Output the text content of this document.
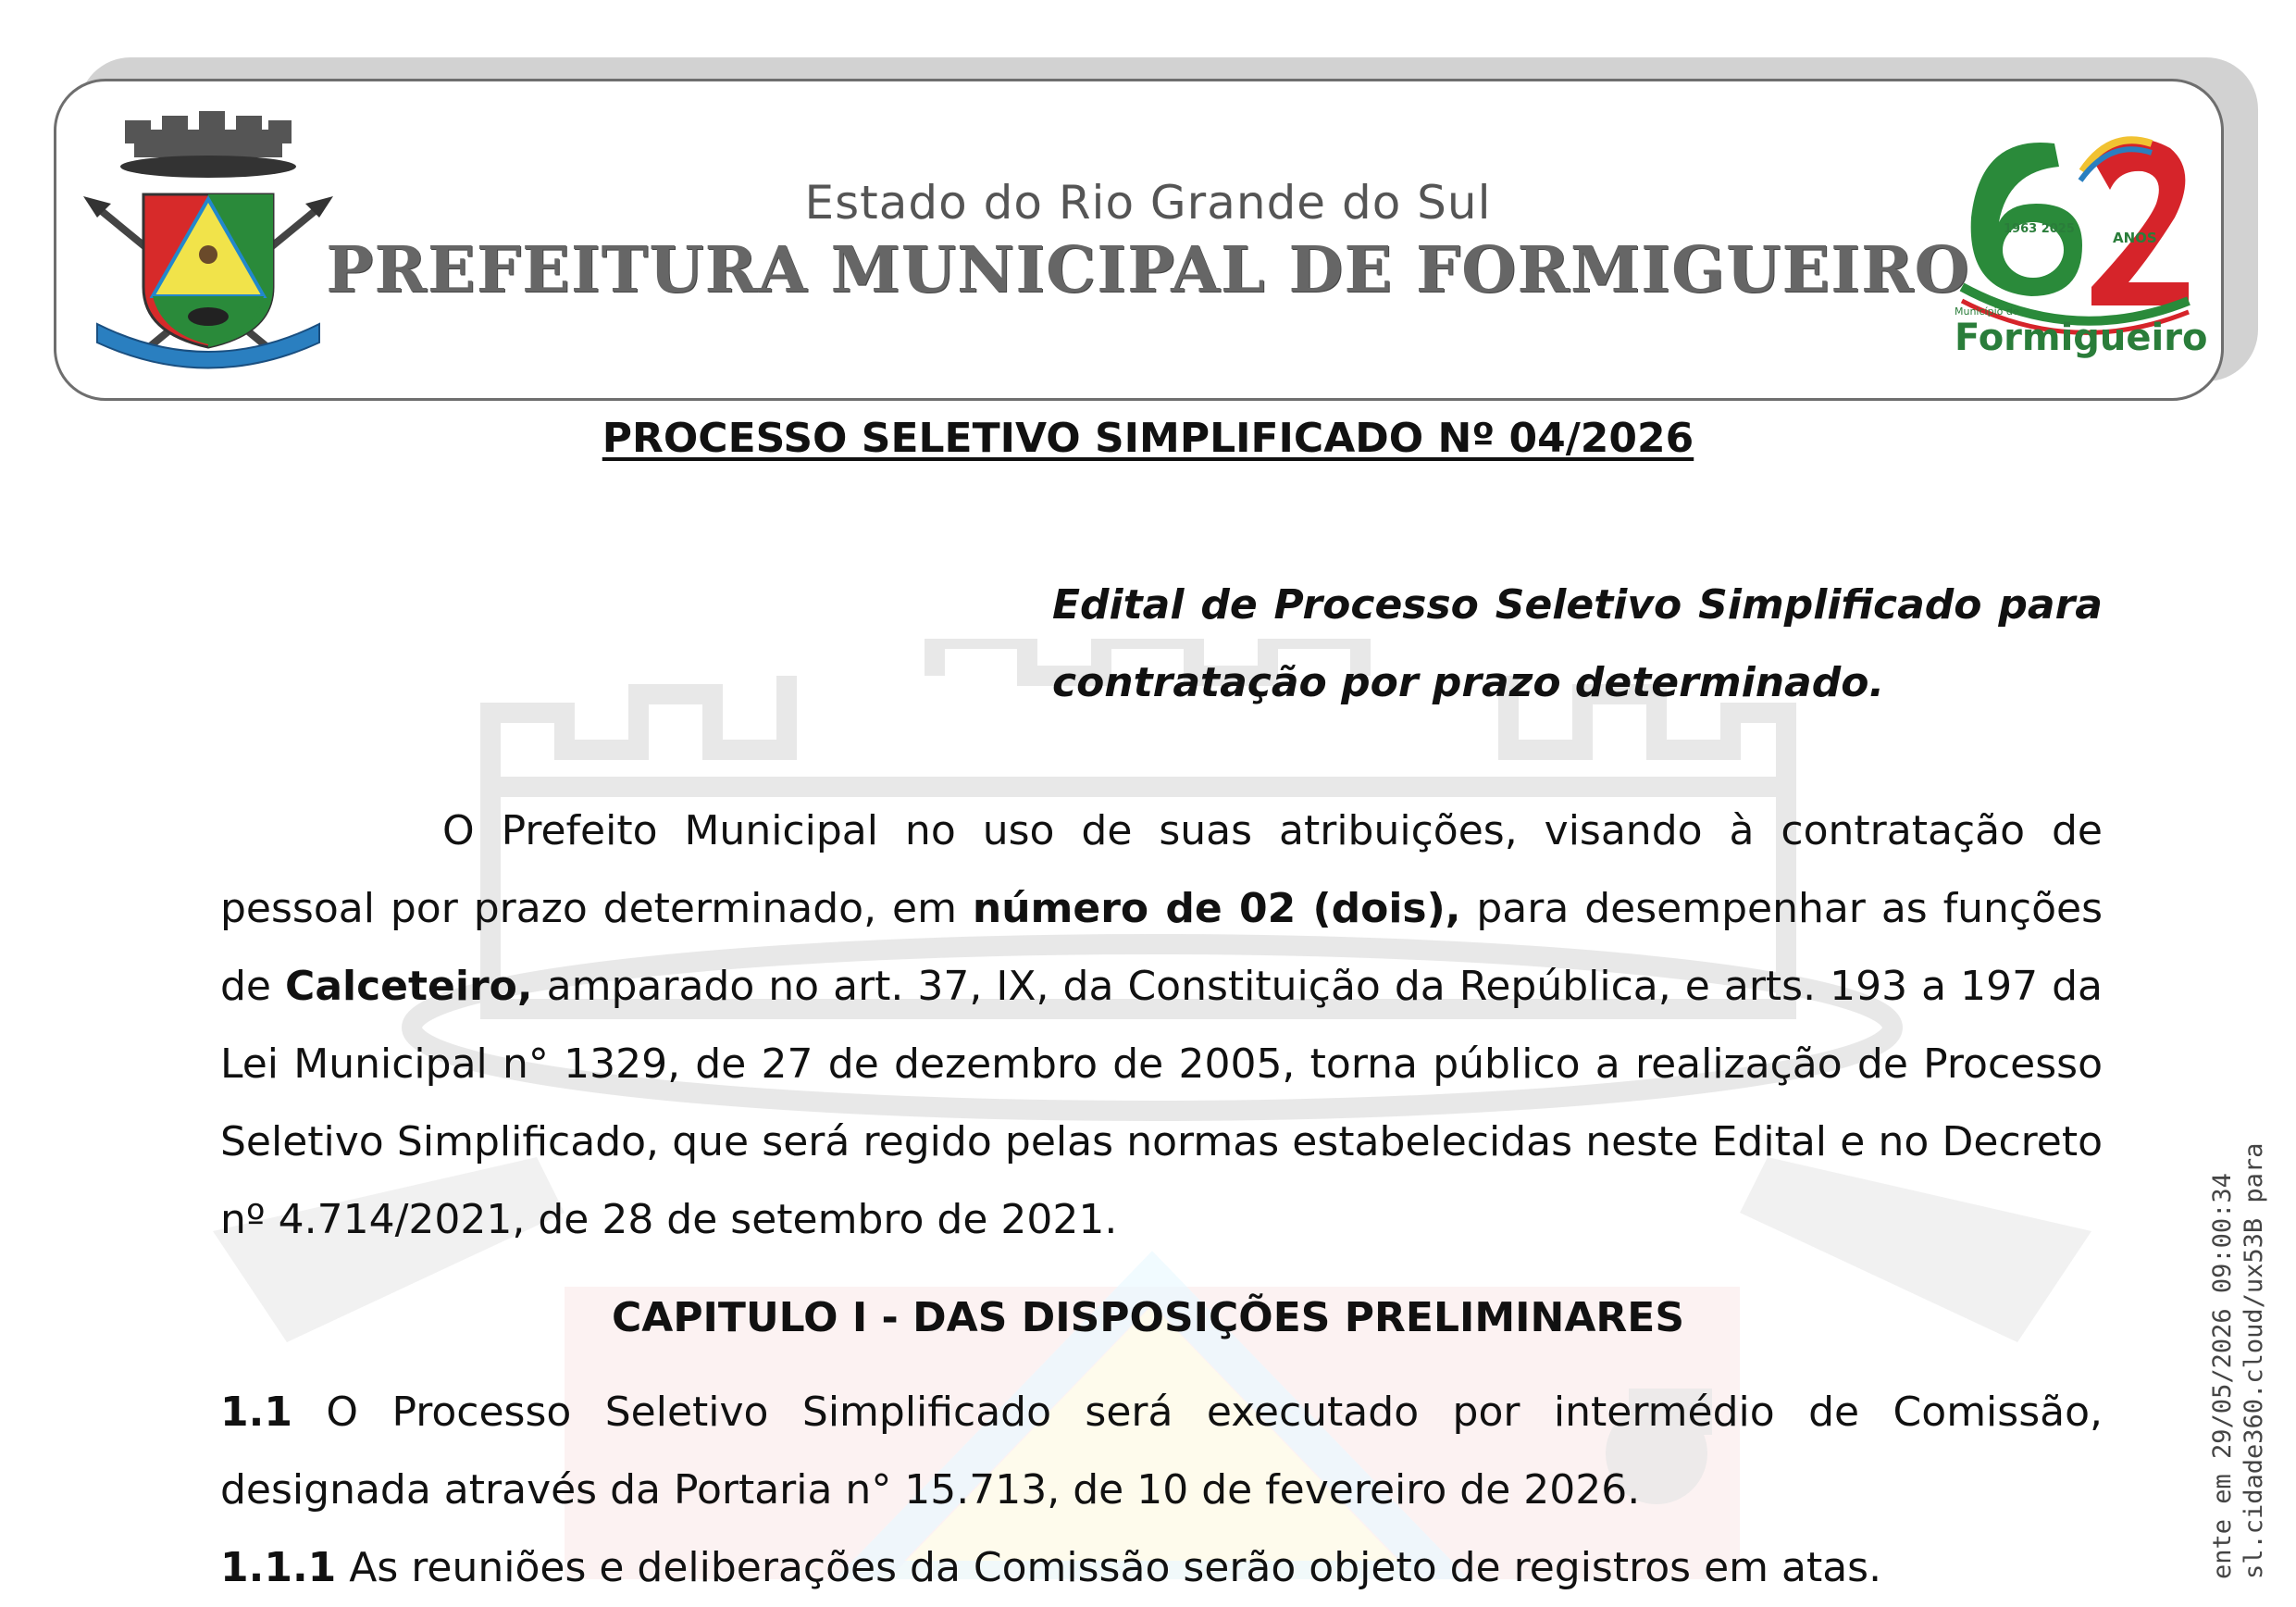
Estado do Rio Grande do Sul
PREFEITURA MUNICIPAL DE FORMIGUEIRO
1963 2025
ANOS
Município de
Formigueiro
PROCESSO SELETIVO SIMPLIFICADO Nº 04/2026
Edital de Processo Seletivo Simplificado para contratação por prazo determinado.
O Prefeito Municipal no uso de suas atribuições, visando à contratação de pessoal por prazo determinado, em número de 02 (dois), para desempenhar as funções de Calceteiro, amparado no art. 37, IX, da Constituição da República, e arts. 193 a 197 da Lei Municipal n° 1329, de 27 de dezembro de 2005, torna público a realização de Processo Seletivo Simplificado, que será regido pelas normas estabelecidas neste Edital e no Decreto nº 4.714/2021, de 28 de setembro de 2021.
CAPITULO I - DAS DISPOSIÇÕES PRELIMINARES
1.1 O Processo Seletivo Simplificado será executado por intermédio de Comissão, designada através da Portaria n° 15.713, de 10 de fevereiro de 2026.
1.1.1 As reuniões e deliberações da Comissão serão objeto de registros em atas.	ente em 29/05/2026 09:00:34 sl.cidade360.cloud/ux53B para
